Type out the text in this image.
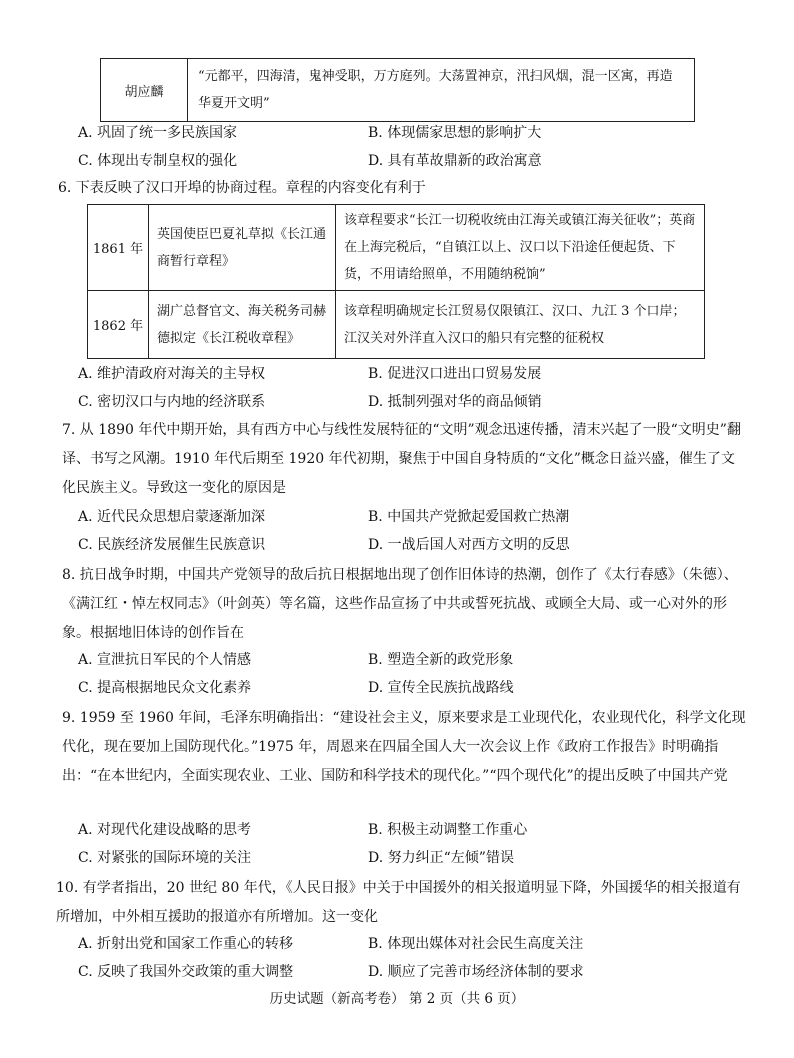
胡应麟	“元都平，四海清，鬼神受职，万方庭列。大荡置神京，汛扫风烟，混一区寓，再造华夏开文明”
A. 巩固了统一多民族国家	B. 体现儒家思想的影响扩大
C. 体现出专制皇权的强化	D. 具有革故鼎新的政治寓意
6. 下表反映了汉口开埠的协商过程。章程的内容变化有利于
1861 年	英国使臣巴夏礼草拟《长江通商暂行章程》	该章程要求“长江一切税收统由江海关或镇江海关征收”；英商在上海完税后，“自镇江以上、汉口以下沿途任便起货、下货，不用请给照单，不用随纳税饷”
1862 年	湖广总督官文、海关税务司赫德拟定《长江税收章程》	该章程明确规定长江贸易仅限镇江、汉口、九江 3 个口岸；江汉关对外洋直入汉口的船只有完整的征税权
A. 维护清政府对海关的主导权	B. 促进汉口进出口贸易发展
C. 密切汉口与内地的经济联系	D. 抵制列强对华的商品倾销
7. 从 1890 年代中期开始，具有西方中心与线性发展特征的“文明”观念迅速传播，清末兴起了一股“文明史”翻译、书写之风潮。1910 年代后期至 1920 年代初期，聚焦于中国自身特质的“文化”概念日益兴盛，催生了文化民族主义。导致这一变化的原因是
A. 近代民众思想启蒙逐渐加深	B. 中国共产党掀起爱国救亡热潮
C. 民族经济发展催生民族意识	D. 一战后国人对西方文明的反思
8. 抗日战争时期，中国共产党领导的敌后抗日根据地出现了创作旧体诗的热潮，创作了《太行春感》（朱德）、《满江红・悼左权同志》（叶剑英）等名篇，这些作品宣扬了中共或誓死抗战、或顾全大局、或一心对外的形象。根据地旧体诗的创作旨在
A. 宣泄抗日军民的个人情感	B. 塑造全新的政党形象
C. 提高根据地民众文化素养	D. 宣传全民族抗战路线
9. 1959 至 1960 年间，毛泽东明确指出：“建设社会主义，原来要求是工业现代化，农业现代化，科学文化现代化，现在要加上国防现代化。”1975 年，周恩来在四届全国人大一次会议上作《政府工作报告》时明确指出：“在本世纪内，全面实现农业、工业、国防和科学技术的现代化。”“四个现代化”的提出反映了中国共产党
A. 对现代化建设战略的思考	B. 积极主动调整工作重心
C. 对紧张的国际环境的关注	D. 努力纠正“左倾”错误
10. 有学者指出，20 世纪 80 年代，《人民日报》中关于中国援外的相关报道明显下降，外国援华的相关报道有所增加，中外相互援助的报道亦有所增加。这一变化
A. 折射出党和国家工作重心的转移	B. 体现出媒体对社会民生高度关注
C. 反映了我国外交政策的重大调整	D. 顺应了完善市场经济体制的要求
历史试题（新高考卷） 第 2 页（共 6 页）
